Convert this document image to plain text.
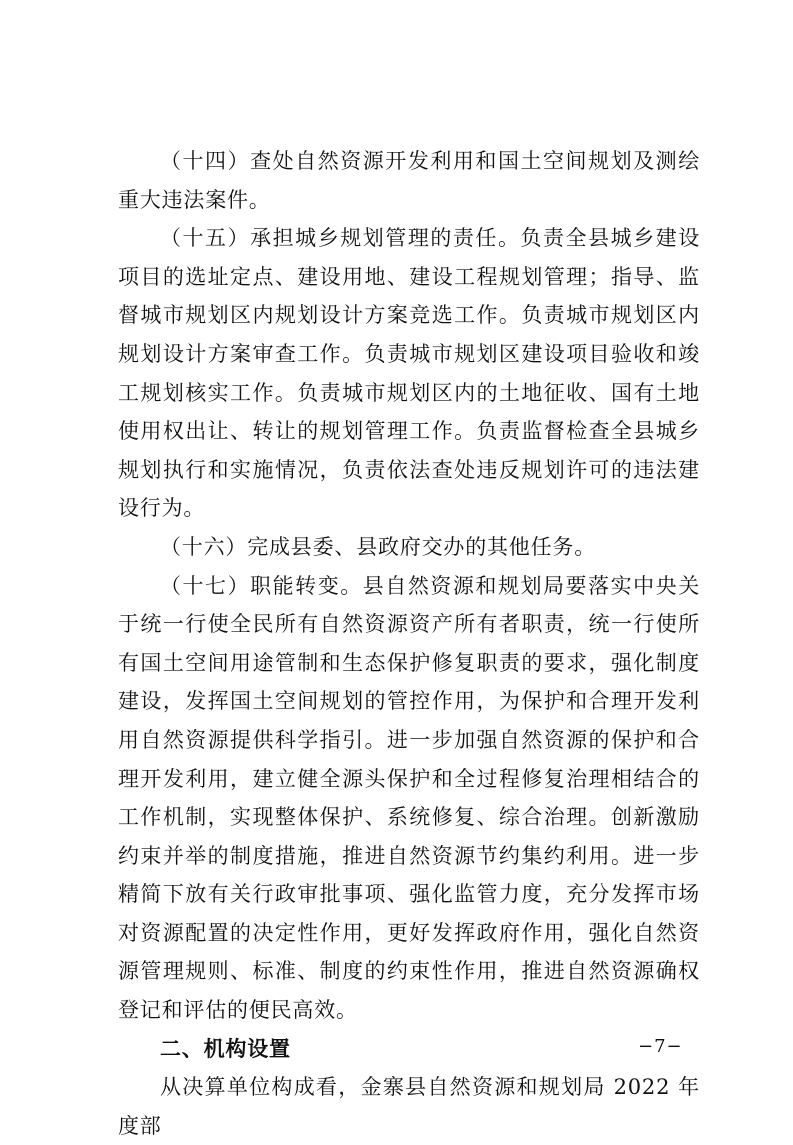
（十四）查处自然资源开发利用和国土空间规划及测绘重大违法案件。

（十五）承担城乡规划管理的责任。负责全县城乡建设项目的选址定点、建设用地、建设工程规划管理；指导、监督城市规划区内规划设计方案竞选工作。负责城市规划区内规划设计方案审查工作。负责城市规划区建设项目验收和竣工规划核实工作。负责城市规划区内的土地征收、国有土地使用权出让、转让的规划管理工作。负责监督检查全县城乡规划执行和实施情况，负责依法查处违反规划许可的违法建设行为。

（十六）完成县委、县政府交办的其他任务。

（十七）职能转变。县自然资源和规划局要落实中央关于统一行使全民所有自然资源资产所有者职责，统一行使所有国土空间用途管制和生态保护修复职责的要求，强化制度建设，发挥国土空间规划的管控作用，为保护和合理开发利用自然资源提供科学指引。进一步加强自然资源的保护和合理开发利用，建立健全源头保护和全过程修复治理相结合的工作机制，实现整体保护、系统修复、综合治理。创新激励约束并举的制度措施，推进自然资源节约集约利用。进一步精简下放有关行政审批事项、强化监管力度，充分发挥市场对资源配置的决定性作用，更好发挥政府作用，强化自然资源管理规则、标准、制度的约束性作用，推进自然资源确权登记和评估的便民高效。

二、机构设置

从决算单位构成看，金寨县自然资源和规划局 2022 年度部

−7−
